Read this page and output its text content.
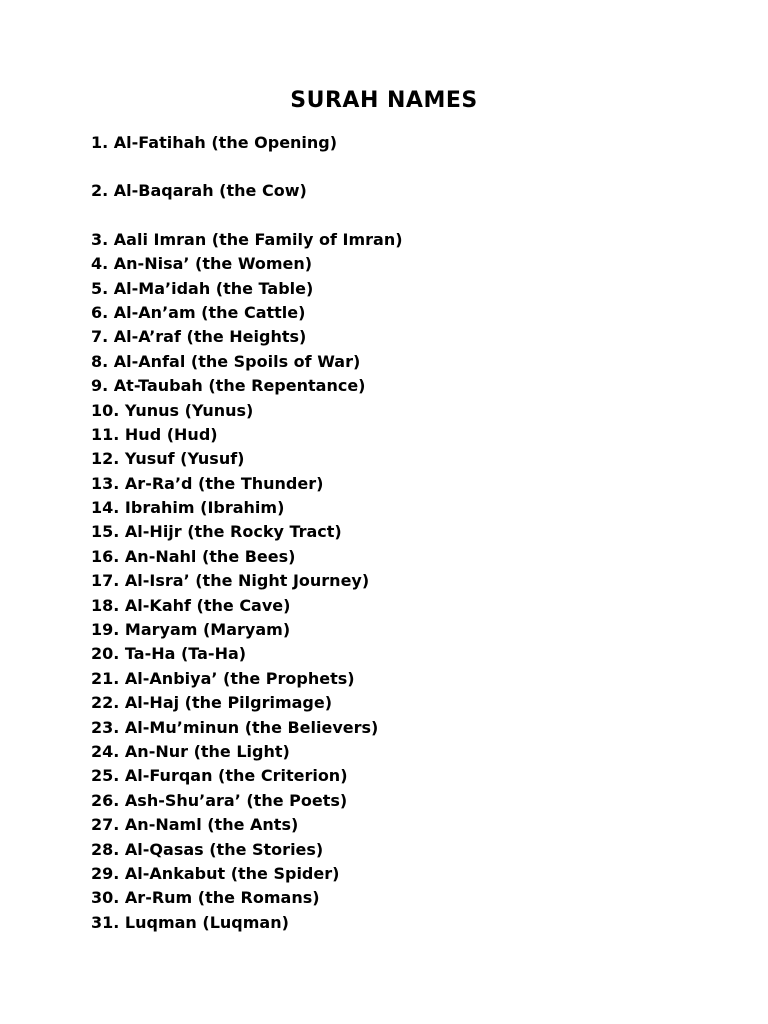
SURAH NAMES
1. Al-Fatihah (the Opening)
2. Al-Baqarah (the Cow)
3. Aali Imran (the Family of Imran)
4. An-Nisa’ (the Women)
5. Al-Ma’idah (the Table)
6. Al-An’am (the Cattle)
7. Al-A’raf (the Heights)
8. Al-Anfal (the Spoils of War)
9. At-Taubah (the Repentance)
10. Yunus (Yunus)
11. Hud (Hud)
12. Yusuf (Yusuf)
13. Ar-Ra’d (the Thunder)
14. Ibrahim (Ibrahim)
15. Al-Hijr (the Rocky Tract)
16. An-Nahl (the Bees)
17. Al-Isra’ (the Night Journey)
18. Al-Kahf (the Cave)
19. Maryam (Maryam)
20. Ta-Ha (Ta-Ha)
21. Al-Anbiya’ (the Prophets)
22. Al-Haj (the Pilgrimage)
23. Al-Mu’minun (the Believers)
24. An-Nur (the Light)
25. Al-Furqan (the Criterion)
26. Ash-Shu’ara’ (the Poets)
27. An-Naml (the Ants)
28. Al-Qasas (the Stories)
29. Al-Ankabut (the Spider)
30. Ar-Rum (the Romans)
31. Luqman (Luqman)
